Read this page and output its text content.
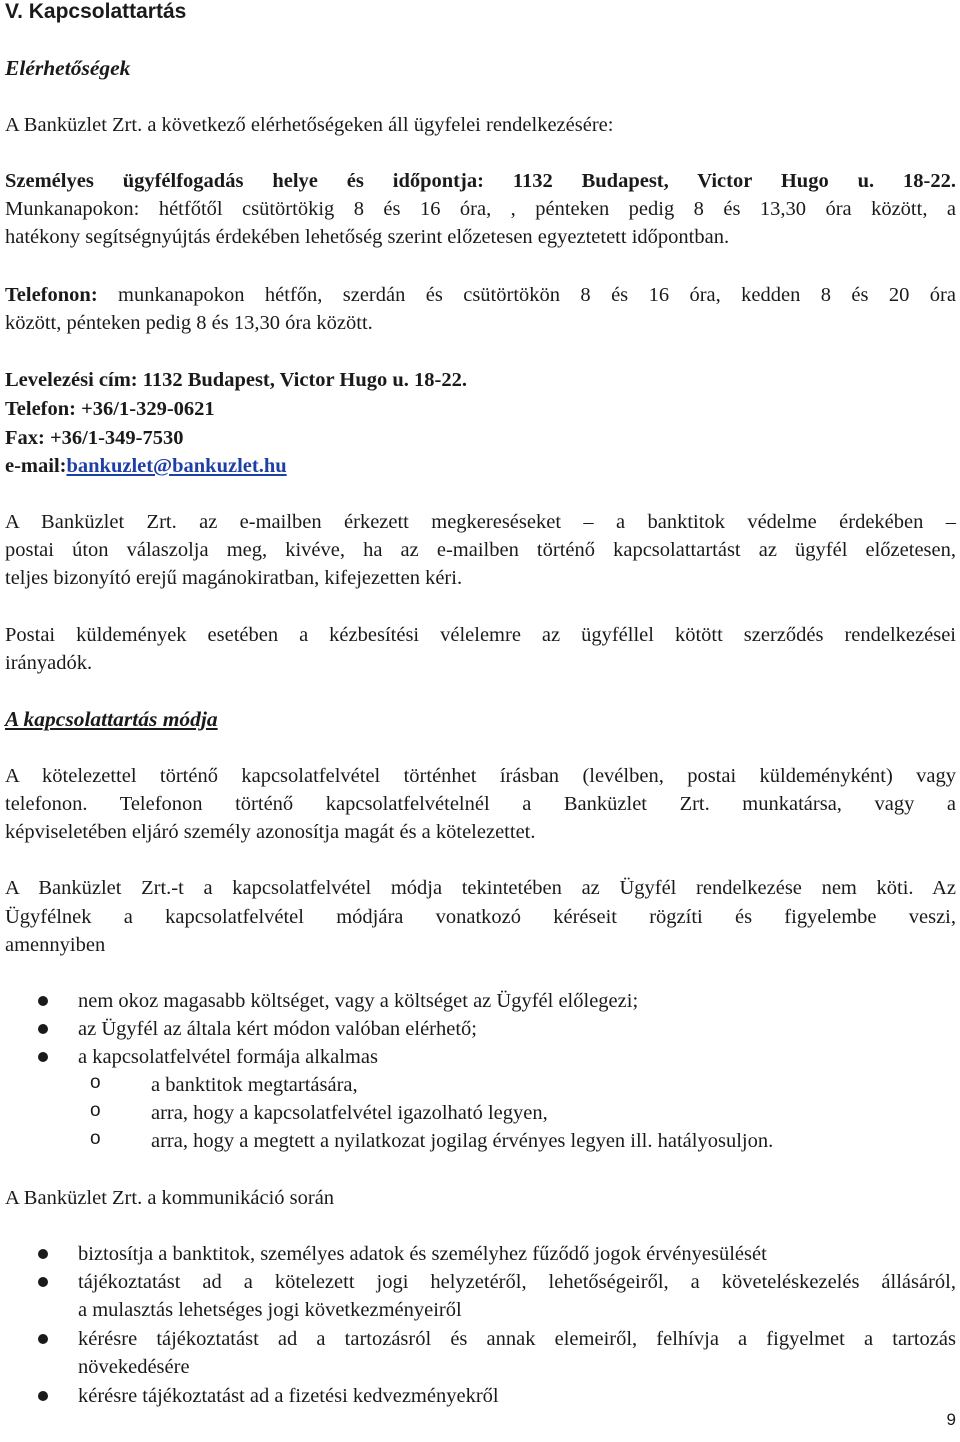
V. Kapcsolattartás
Elérhetőségek
A Banküzlet Zrt. a következő elérhetőségeken áll ügyfelei rendelkezésére:
Személyes ügyfélfogadás helye és időpontja: 1132 Budapest, Victor Hugo u. 18-22.
Munkanapokon: hétfőtől csütörtökig 8 és 16 óra, , pénteken pedig 8 és 13,30 óra között, a
hatékony segítségnyújtás érdekében lehetőség szerint előzetesen egyeztetett időpontban.
Telefonon: munkanapokon hétfőn, szerdán és csütörtökön 8 és 16 óra, kedden 8 és 20 óra
között, pénteken pedig 8 és 13,30 óra között.
Levelezési cím: 1132 Budapest, Victor Hugo u. 18-22.
Telefon: +36/1-329-0621
Fax: +36/1-349-7530
e-mail:bankuzlet@bankuzlet.hu
A Banküzlet Zrt. az e-mailben érkezett megkereséseket – a banktitok védelme érdekében –
postai úton válaszolja meg, kivéve, ha az e-mailben történő kapcsolattartást az ügyfél előzetesen,
teljes bizonyító erejű magánokiratban, kifejezetten kéri.
Postai küldemények esetében a kézbesítési vélelemre az ügyféllel kötött szerződés rendelkezései
irányadók.
A kapcsolattartás módja
A kötelezettel történő kapcsolatfelvétel történhet írásban (levélben, postai küldeményként) vagy
telefonon. Telefonon történő kapcsolatfelvételnél a Banküzlet Zrt. munkatársa, vagy a
képviseletében eljáró személy azonosítja magát és a kötelezettet.
A Banküzlet Zrt.-t a kapcsolatfelvétel módja tekintetében az Ügyfél rendelkezése nem köti. Az
Ügyfélnek a kapcsolatfelvétel módjára vonatkozó kéréseit rögzíti és figyelembe veszi,
amennyiben
nem okoz magasabb költséget, vagy a költséget az Ügyfél előlegezi;
az Ügyfél az általa kért módon valóban elérhető;
a kapcsolatfelvétel formája alkalmas
o a banktitok megtartására,
o arra, hogy a kapcsolatfelvétel igazolható legyen,
o arra, hogy a megtett a nyilatkozat jogilag érvényes legyen ill. hatályosuljon.
A Banküzlet Zrt. a kommunikáció során
biztosítja a banktitok, személyes adatok és személyhez fűződő jogok érvényesülését
tájékoztatást ad a kötelezett jogi helyzetéről, lehetőségeiről, a követeléskezelés állásáról,
a mulasztás lehetséges jogi következményeiről
kérésre tájékoztatást ad a tartozásról és annak elemeiről, felhívja a figyelmet a tartozás
növekedésére
kérésre tájékoztatást ad a fizetési kedvezményekről
9
